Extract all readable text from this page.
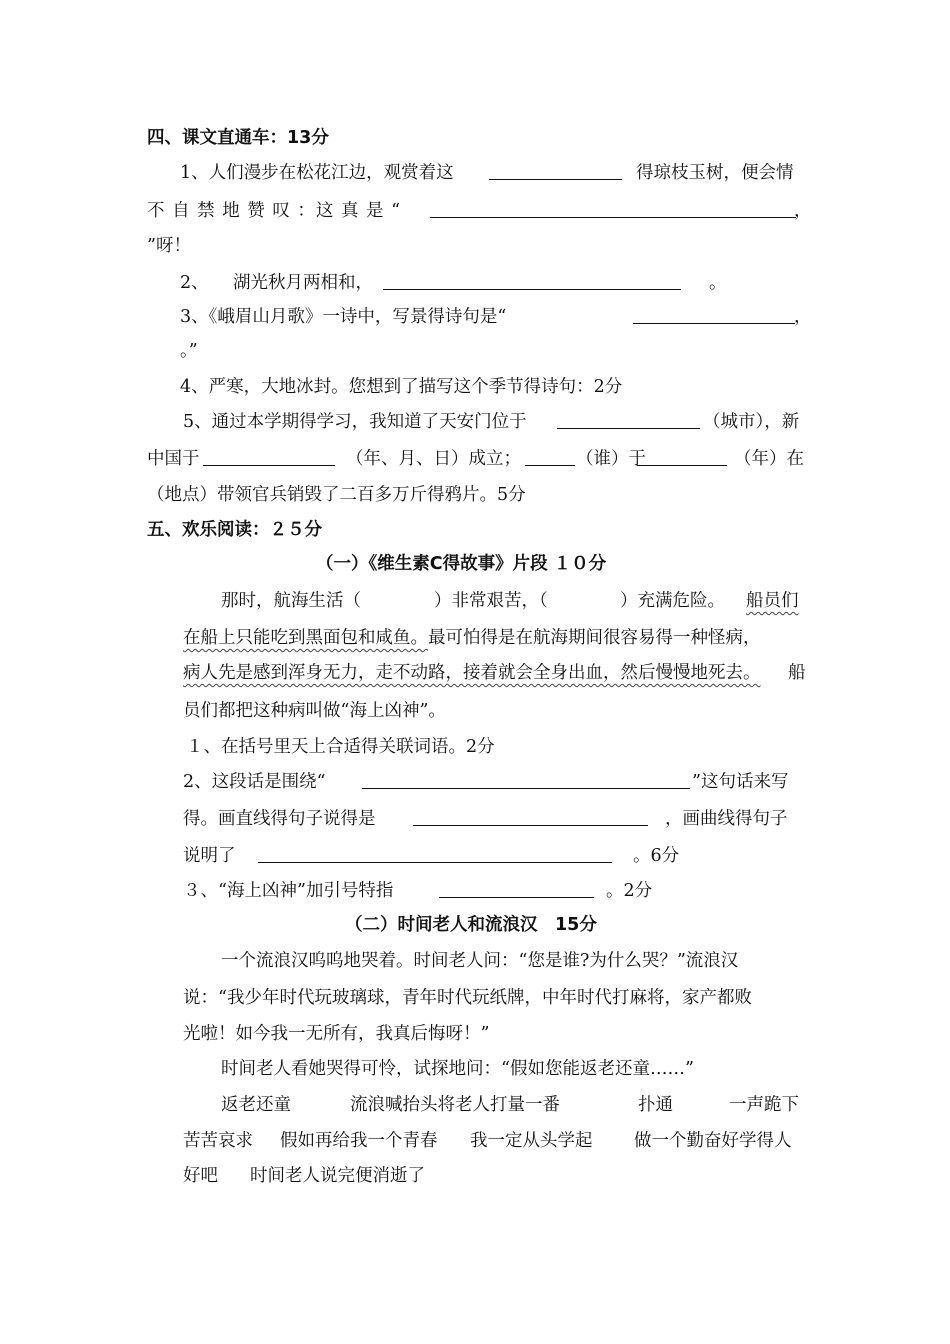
四、课文直通车：13分
1、人们漫步在松花江边，观赏着这	得琼枝玉树，便会情
不 自 禁 地 赞 叹 ：这 真 是 “	，
”呀！
2、 湖光秋月两相和，	。
3、《峨眉山月歌》一诗中，写景得诗句是“	，
。”
4、严寒，大地冰封。您想到了描写这个季节得诗句：2分
5、通过本学期得学习，我知道了天安门位于	（城市），新
中国于	（年、月、日）成立；	（谁）于	（年）在
（地点）带领官兵销毁了二百多万斤得鸦片。5分
五、欢乐阅读：２５分
（一）《维生素C得故事》片段 １０分
那时，航海生活（	）非常艰苦，（	）充满危险。 船员们
在船上只能吃到黑面包和咸鱼。最可怕得是在航海期间很容易得一种怪病，
病人先是感到浑身无力，走不动路，接着就会全身出血，然后慢慢地死去。 船
员们都把这种病叫做“海上凶神”。
１、在括号里天上合适得关联词语。2分
2、这段话是围绕“	”这句话来写
得。画直线得句子说得是	，画曲线得句子
说明了	。6分
３、“海上凶神”加引号特指	。2分
（二）时间老人和流浪汉　15分
一个流浪汉呜呜地哭着。时间老人问：“您是谁?为什么哭？”流浪汉
说：“我少年时代玩玻璃球，青年时代玩纸牌，中年时代打麻将，家产都败
光啦！如今我一无所有，我真后悔呀！”
时间老人看她哭得可怜，试探地问：“假如您能返老还童……”
返老还童	流浪喊抬头将老人打量一番	扑通	一声跪下
苦苦哀求 假如再给我一个青春 我一定从头学起 做一个勤奋好学得人
好吧 时间老人说完便消逝了
